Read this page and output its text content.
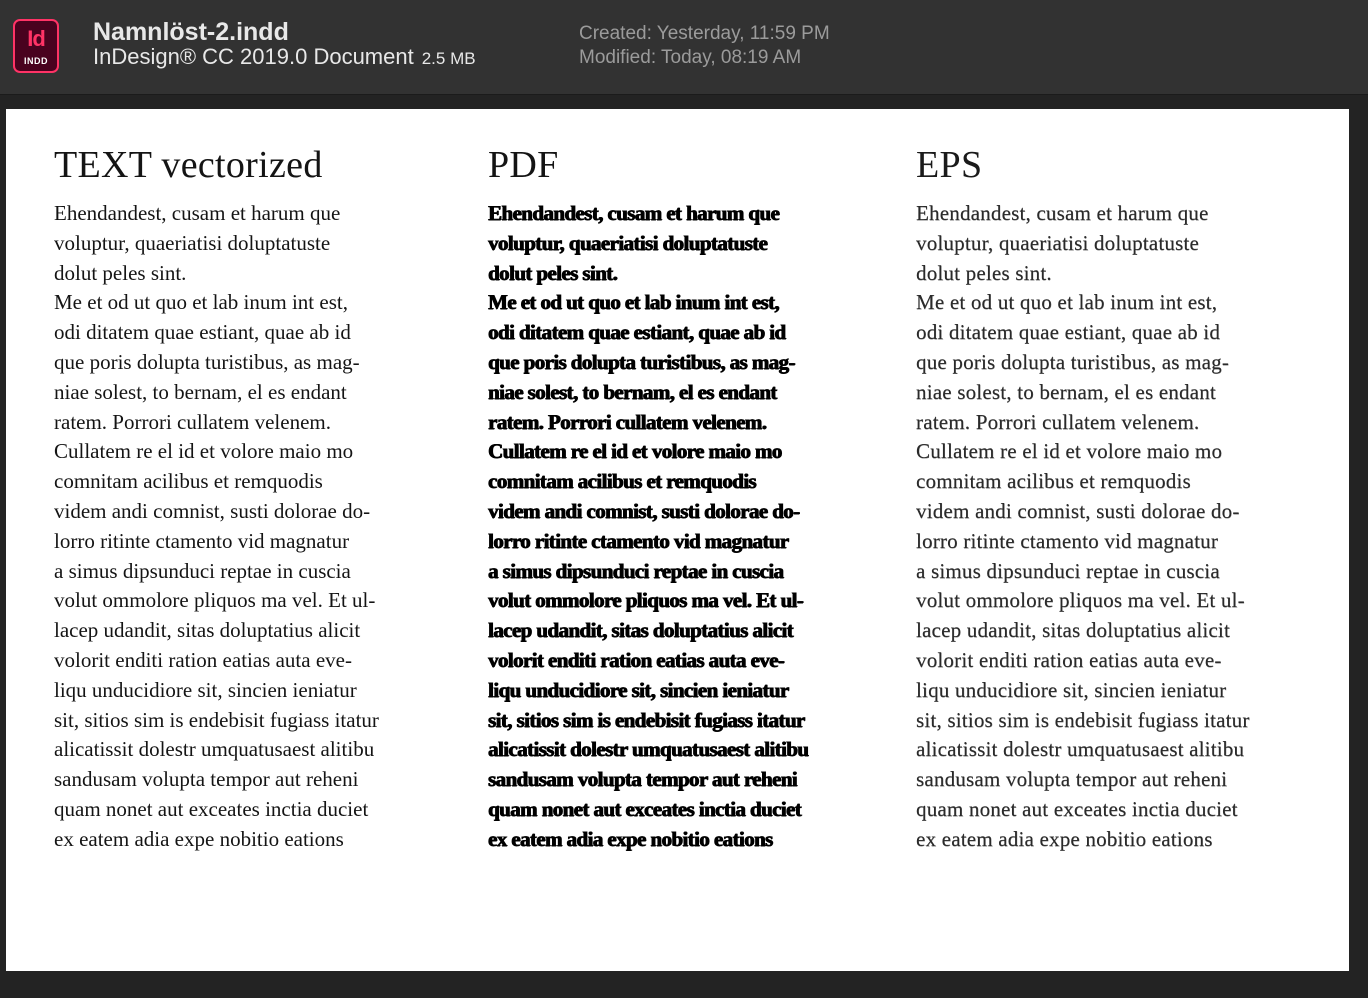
Id
INDD
Namnlöst-2.indd
InDesign® CC 2019.0 Document 2.5 MB
Created: Yesterday, 11:59 PM
Modified: Today, 08:19 AM
TEXT vectorized
Ehendandest, cusam et harum que
voluptur, quaeriatisi doluptatuste
dolut peles sint.
Me et od ut quo et lab inum int est,
odi ditatem quae estiant, quae ab id
que poris dolupta turistibus, as mag-
niae solest, to bernam, el es endant
ratem. Porrori cullatem velenem.
Cullatem re el id et volore maio mo
comnitam acilibus et remquodis
videm andi comnist, susti dolorae do-
lorro ritinte ctamento vid magnatur
a simus dipsunduci reptae in cuscia
volut ommolore pliquos ma vel. Et ul-
lacep udandit, sitas doluptatius alicit
volorit enditi ration eatias auta eve-
liqu unducidiore sit, sincien ieniatur
sit, sitios sim is endebisit fugiass itatur
alicatissit dolestr umquatusaest alitibu
sandusam volupta tempor aut reheni
quam nonet aut exceates inctia duciet
ex eatem adia expe nobitio eations
PDF
Ehendandest, cusam et harum que
voluptur, quaeriatisi doluptatuste
dolut peles sint.
Me et od ut quo et lab inum int est,
odi ditatem quae estiant, quae ab id
que poris dolupta turistibus, as mag-
niae solest, to bernam, el es endant
ratem. Porrori cullatem velenem.
Cullatem re el id et volore maio mo
comnitam acilibus et remquodis
videm andi comnist, susti dolorae do-
lorro ritinte ctamento vid magnatur
a simus dipsunduci reptae in cuscia
volut ommolore pliquos ma vel. Et ul-
lacep udandit, sitas doluptatius alicit
volorit enditi ration eatias auta eve-
liqu unducidiore sit, sincien ieniatur
sit, sitios sim is endebisit fugiass itatur
alicatissit dolestr umquatusaest alitibu
sandusam volupta tempor aut reheni
quam nonet aut exceates inctia duciet
ex eatem adia expe nobitio eations
EPS
Ehendandest, cusam et harum que
voluptur, quaeriatisi doluptatuste
dolut peles sint.
Me et od ut quo et lab inum int est,
odi ditatem quae estiant, quae ab id
que poris dolupta turistibus, as mag-
niae solest, to bernam, el es endant
ratem. Porrori cullatem velenem.
Cullatem re el id et volore maio mo
comnitam acilibus et remquodis
videm andi comnist, susti dolorae do-
lorro ritinte ctamento vid magnatur
a simus dipsunduci reptae in cuscia
volut ommolore pliquos ma vel. Et ul-
lacep udandit, sitas doluptatius alicit
volorit enditi ration eatias auta eve-
liqu unducidiore sit, sincien ieniatur
sit, sitios sim is endebisit fugiass itatur
alicatissit dolestr umquatusaest alitibu
sandusam volupta tempor aut reheni
quam nonet aut exceates inctia duciet
ex eatem adia expe nobitio eations
